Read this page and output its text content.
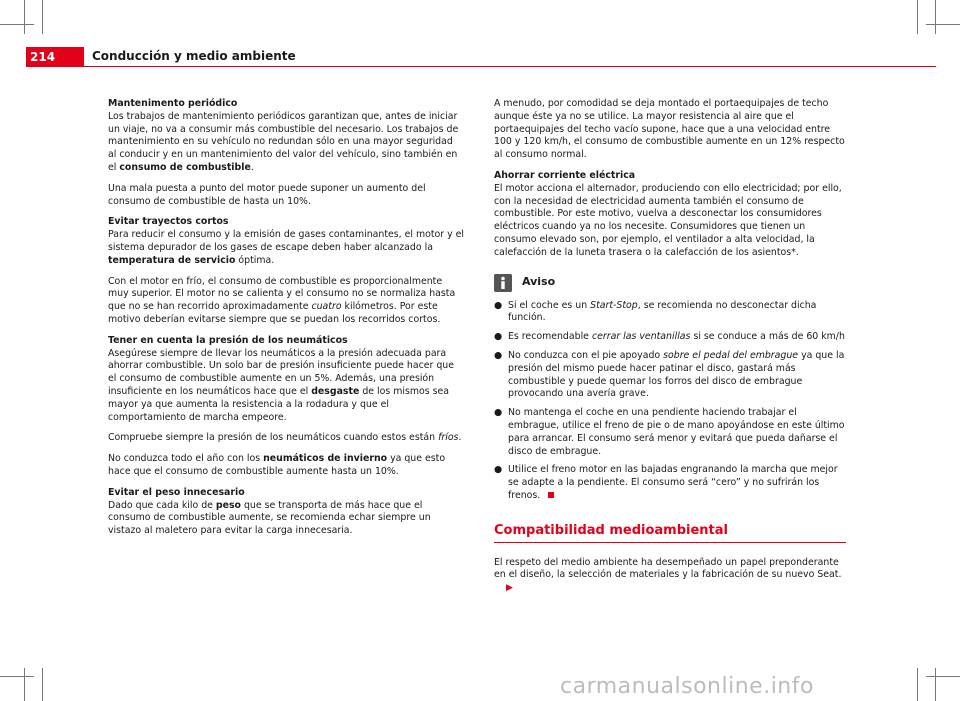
214	Conducción y medio ambiente
Mantenimento periódico

Los trabajos de mantenimiento periódicos garantizan que, antes de iniciar un viaje, no va a consumir más combustible del necesario. Los trabajos de mantenimiento en su vehículo no redundan sólo en una mayor seguridad al conducir y en un mantenimiento del valor del vehículo, sino también en el consumo de combustible.

Una mala puesta a punto del motor puede suponer un aumento del consumo de combustible de hasta un 10%.

Evitar trayectos cortos

Para reducir el consumo y la emisión de gases contaminantes, el motor y el sistema depurador de los gases de escape deben haber alcanzado la temperatura de servicio óptima.

Con el motor en frío, el consumo de combustible es proporcionalmente muy superior. El motor no se calienta y el consumo no se normaliza hasta que no se han recorrido aproximadamente cuatro kilómetros. Por este motivo deberían evitarse siempre que se puedan los recorridos cortos.

Tener en cuenta la presión de los neumáticos

Asegúrese siempre de llevar los neumáticos a la presión adecuada para ahorrar combustible. Un solo bar de presión insuficiente puede hacer que el consumo de combustible aumente en un 5%. Además, una presión insuficiente en los neumáticos hace que el desgaste de los mismos sea mayor ya que aumenta la resistencia a la rodadura y que el comportamiento de marcha empeore.

Compruebe siempre la presión de los neumáticos cuando estos están fríos.

No conduzca todo el año con los neumáticos de invierno ya que esto hace que el consumo de combustible aumente hasta un 10%.

Evitar el peso innecesario

Dado que cada kilo de peso que se transporta de más hace que el consumo de combustible aumente, se recomienda echar siempre un vistazo al maletero para evitar la carga innecesaria.

A menudo, por comodidad se deja montado el portaequipajes de techo aunque éste ya no se utilice. La mayor resistencia al aire que el portaequipajes del techo vacío supone, hace que a una velocidad entre 100 y 120 km/h, el consumo de combustible aumente en un 12% respecto al consumo normal.

Ahorrar corriente eléctrica

El motor acciona el alternador, produciendo con ello electricidad; por ello, con la necesidad de electricidad aumenta también el consumo de combustible. Por este motivo, vuelva a desconectar los consumidores eléctricos cuando ya no los necesite. Consumidores que tienen un consumo elevado son, por ejemplo, el ventilador a alta velocidad, la calefacción de la luneta trasera o la calefacción de los asientos*.

Aviso
● Si el coche es un Start-Stop, se recomienda no desconectar dicha función.
● Es recomendable cerrar las ventanillas si se conduce a más de 60 km/h
● No conduzca con el pie apoyado sobre el pedal del embrague ya que la presión del mismo puede hacer patinar el disco, gastará más combustible y puede quemar los forros del disco de embrague provocando una avería grave.
● No mantenga el coche en una pendiente haciendo trabajar el embrague, utilice el freno de pie o de mano apoyándose en este último para arrancar. El consumo será menor y evitará que pueda dañarse el disco de embrague.
● Utilice el freno motor en las bajadas engranando la marcha que mejor se adapte a la pendiente. El consumo será “cero” y no sufrirán los frenos.
Compatibilidad medioambiental

El respeto del medio ambiente ha desempeñado un papel preponderante en el diseño, la selección de materiales y la fabricación de su nuevo Seat.▶

carmanualsonline.info
